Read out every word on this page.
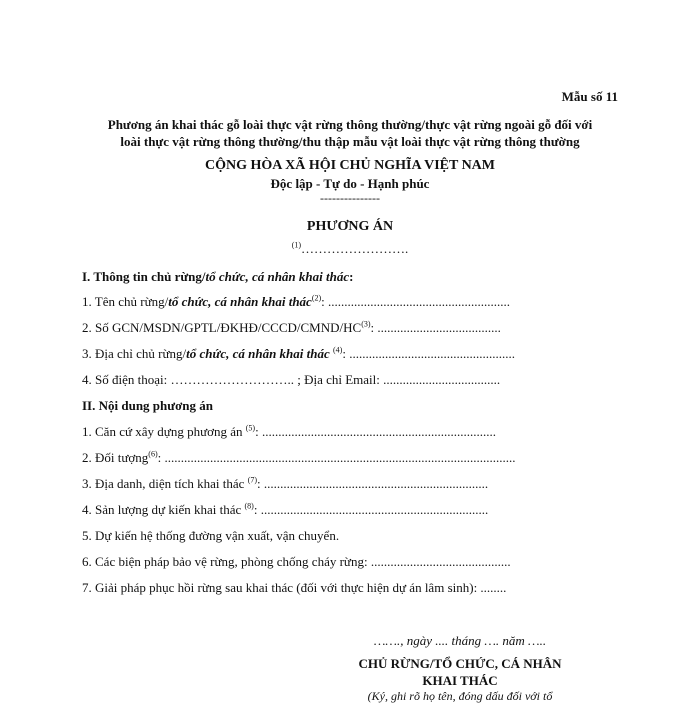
Mẫu số 11
Phương án khai thác gỗ loài thực vật rừng thông thường/thực vật rừng ngoài gỗ đối với
loài thực vật rừng thông thường/thu thập mẫu vật loài thực vật rừng thông thường
CỘNG HÒA XÃ HỘI CHỦ NGHĨA VIỆT NAM
Độc lập - Tự do - Hạnh phúc
---------------
PHƯƠNG ÁN
$^{(1)}$…………………….
I. Thông tin chủ rừng/tổ chức, cá nhân khai thác:
1. Tên chủ rừng/tổ chức, cá nhân khai thác$^{(2)}$: ........................................................
2. Số GCN/MSDN/GPTL/ĐKHĐ/CCCD/CMND/HC$^{(3)}$: ......................................
3. Địa chỉ chủ rừng/tổ chức, cá nhân khai thác $^{(4)}$: ...................................................
4. Số điện thoại: ……………………….. ; Địa chỉ Email: ....................................
II. Nội dung phương án
1. Căn cứ xây dựng phương án $^{(5)}$: ........................................................................
2. Đối tượng$^{(6)}$: ............................................................................................................
3. Địa danh, diện tích khai thác $^{(7)}$: .....................................................................
4. Sản lượng dự kiến khai thác $^{(8)}$: ......................................................................
5. Dự kiến hệ thống đường vận xuất, vận chuyển.
6. Các biện pháp bảo vệ rừng, phòng chống cháy rừng: ...........................................
7. Giải pháp phục hồi rừng sau khai thác (đối với thực hiện dự án lâm sinh): ........
……., ngày .... tháng …. năm …..
CHỦ RỪNG/TỔ CHỨC, CÁ NHÂN
KHAI THÁC
(Ký, ghi rõ họ tên, đóng dấu đối với tổ
